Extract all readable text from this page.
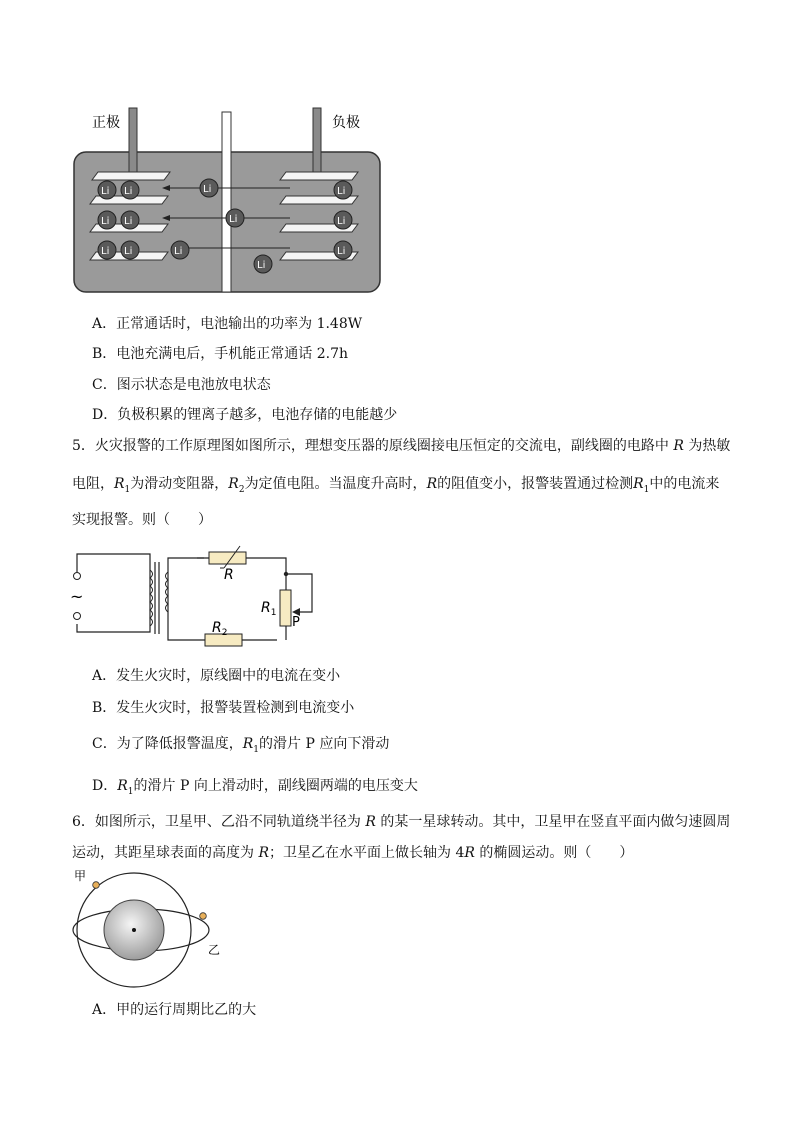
正极	负极
Li Li	Li	Li
Li Li	Li	Li
Li Li	Li	Li
Li
A．正常通话时，电池输出的功率为 1.48W
B．电池充满电后，手机能正常通话 2.7h
C．图示状态是电池放电状态
D．负极积累的锂离子越多，电池存储的电能越少
5．火灾报警的工作原理图如图所示，理想变压器的原线圈接电压恒定的交流电，副线圈的电路中 R 为热敏
电阻，$R_1$为滑动变阻器，$R_2$为定值电阻。当温度升高时，R的阻值变小，报警装置通过检测$R_1$中的电流来
实现报警。则（　　）
~
R
$R_1$
P
$R_2$
A．发生火灾时，原线圈中的电流在变小
B．发生火灾时，报警装置检测到电流变小
C．为了降低报警温度，$R_1$的滑片 P 应向下滑动
D．$R_1$的滑片 P 向上滑动时，副线圈两端的电压变大
6．如图所示，卫星甲、乙沿不同轨道绕半径为 R 的某一星球转动。其中，卫星甲在竖直平面内做匀速圆周
运动，其距星球表面的高度为 R；卫星乙在水平面上做长轴为 4R 的椭圆运动。则（　　）
甲
乙
A．甲的运行周期比乙的大
